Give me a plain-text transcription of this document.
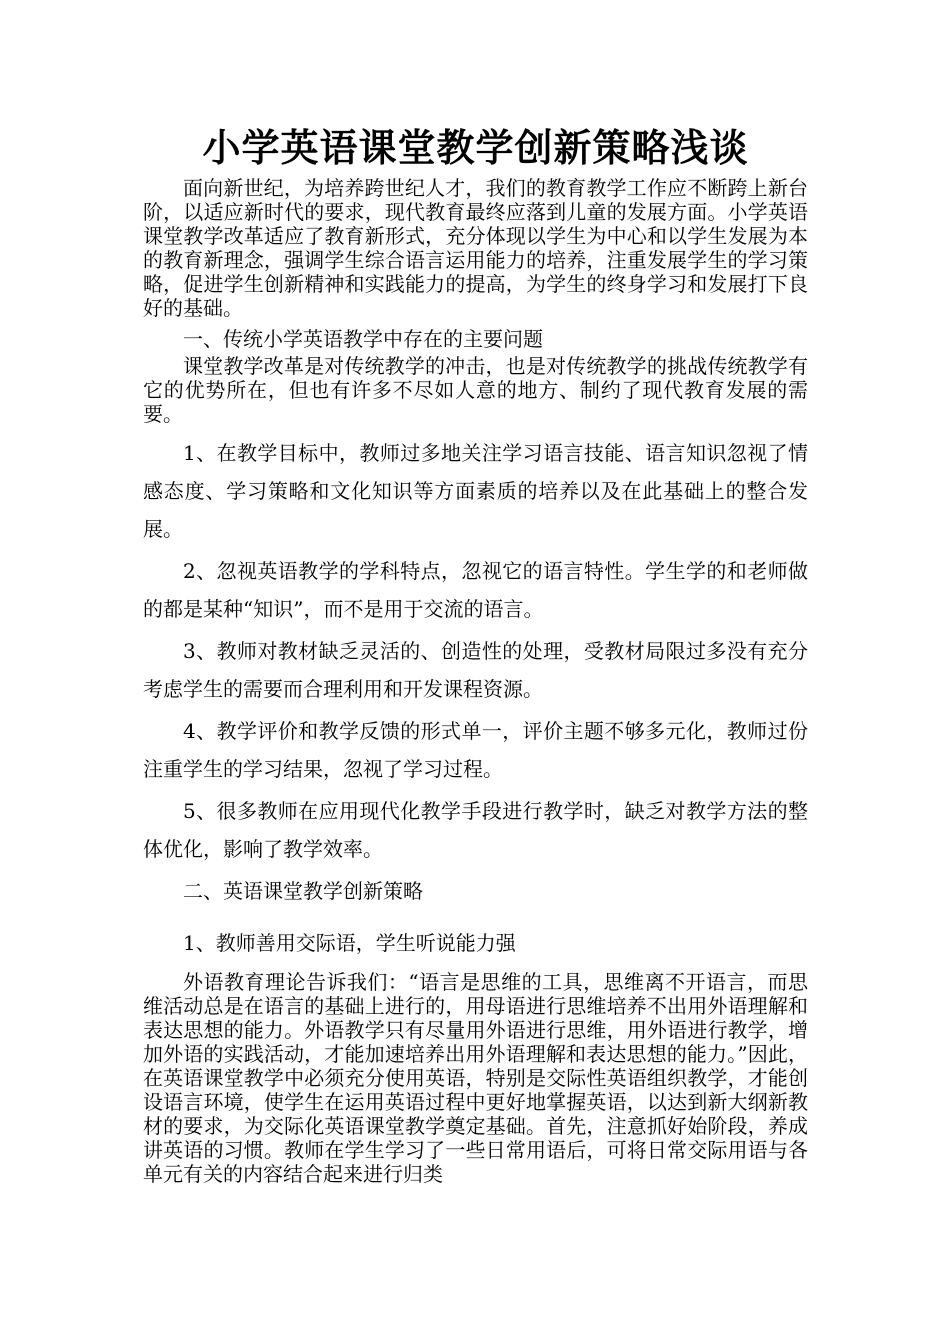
小学英语课堂教学创新策略浅谈

面向新世纪，为培养跨世纪人才，我们的教育教学工作应不断跨上新台阶，以适应新时代的要求，现代教育最终应落到儿童的发展方面。小学英语课堂教学改革适应了教育新形式，充分体现以学生为中心和以学生发展为本的教育新理念，强调学生综合语言运用能力的培养，注重发展学生的学习策略，促进学生创新精神和实践能力的提高，为学生的终身学习和发展打下良好的基础。

一、传统小学英语教学中存在的主要问题

课堂教学改革是对传统教学的冲击，也是对传统教学的挑战传统教学有它的优势所在，但也有许多不尽如人意的地方、制约了现代教育发展的需要。

1、在教学目标中，教师过多地关注学习语言技能、语言知识忽视了情感态度、学习策略和文化知识等方面素质的培养以及在此基础上的整合发展。

2、忽视英语教学的学科特点，忽视它的语言特性。学生学的和老师做的都是某种“知识”，而不是用于交流的语言。

3、教师对教材缺乏灵活的、创造性的处理，受教材局限过多没有充分考虑学生的需要而合理利用和开发课程资源。

4、教学评价和教学反馈的形式单一，评价主题不够多元化，教师过份注重学生的学习结果，忽视了学习过程。

5、很多教师在应用现代化教学手段进行教学时，缺乏对教学方法的整体优化，影响了教学效率。

二、英语课堂教学创新策略

1、教师善用交际语，学生听说能力强

外语教育理论告诉我们：“语言是思维的工具，思维离不开语言，而思维活动总是在语言的基础上进行的，用母语进行思维培养不出用外语理解和表达思想的能力。外语教学只有尽量用外语进行思维，用外语进行教学，增加外语的实践活动，才能加速培养出用外语理解和表达思想的能力。”因此，在英语课堂教学中必须充分使用英语，特别是交际性英语组织教学，才能创设语言环境，使学生在运用英语过程中更好地掌握英语，以达到新大纲新教材的要求，为交际化英语课堂教学奠定基础。首先，注意抓好始阶段，养成讲英语的习惯。教师在学生学习了一些日常用语后，可将日常交际用语与各单元有关的内容结合起来进行归类
